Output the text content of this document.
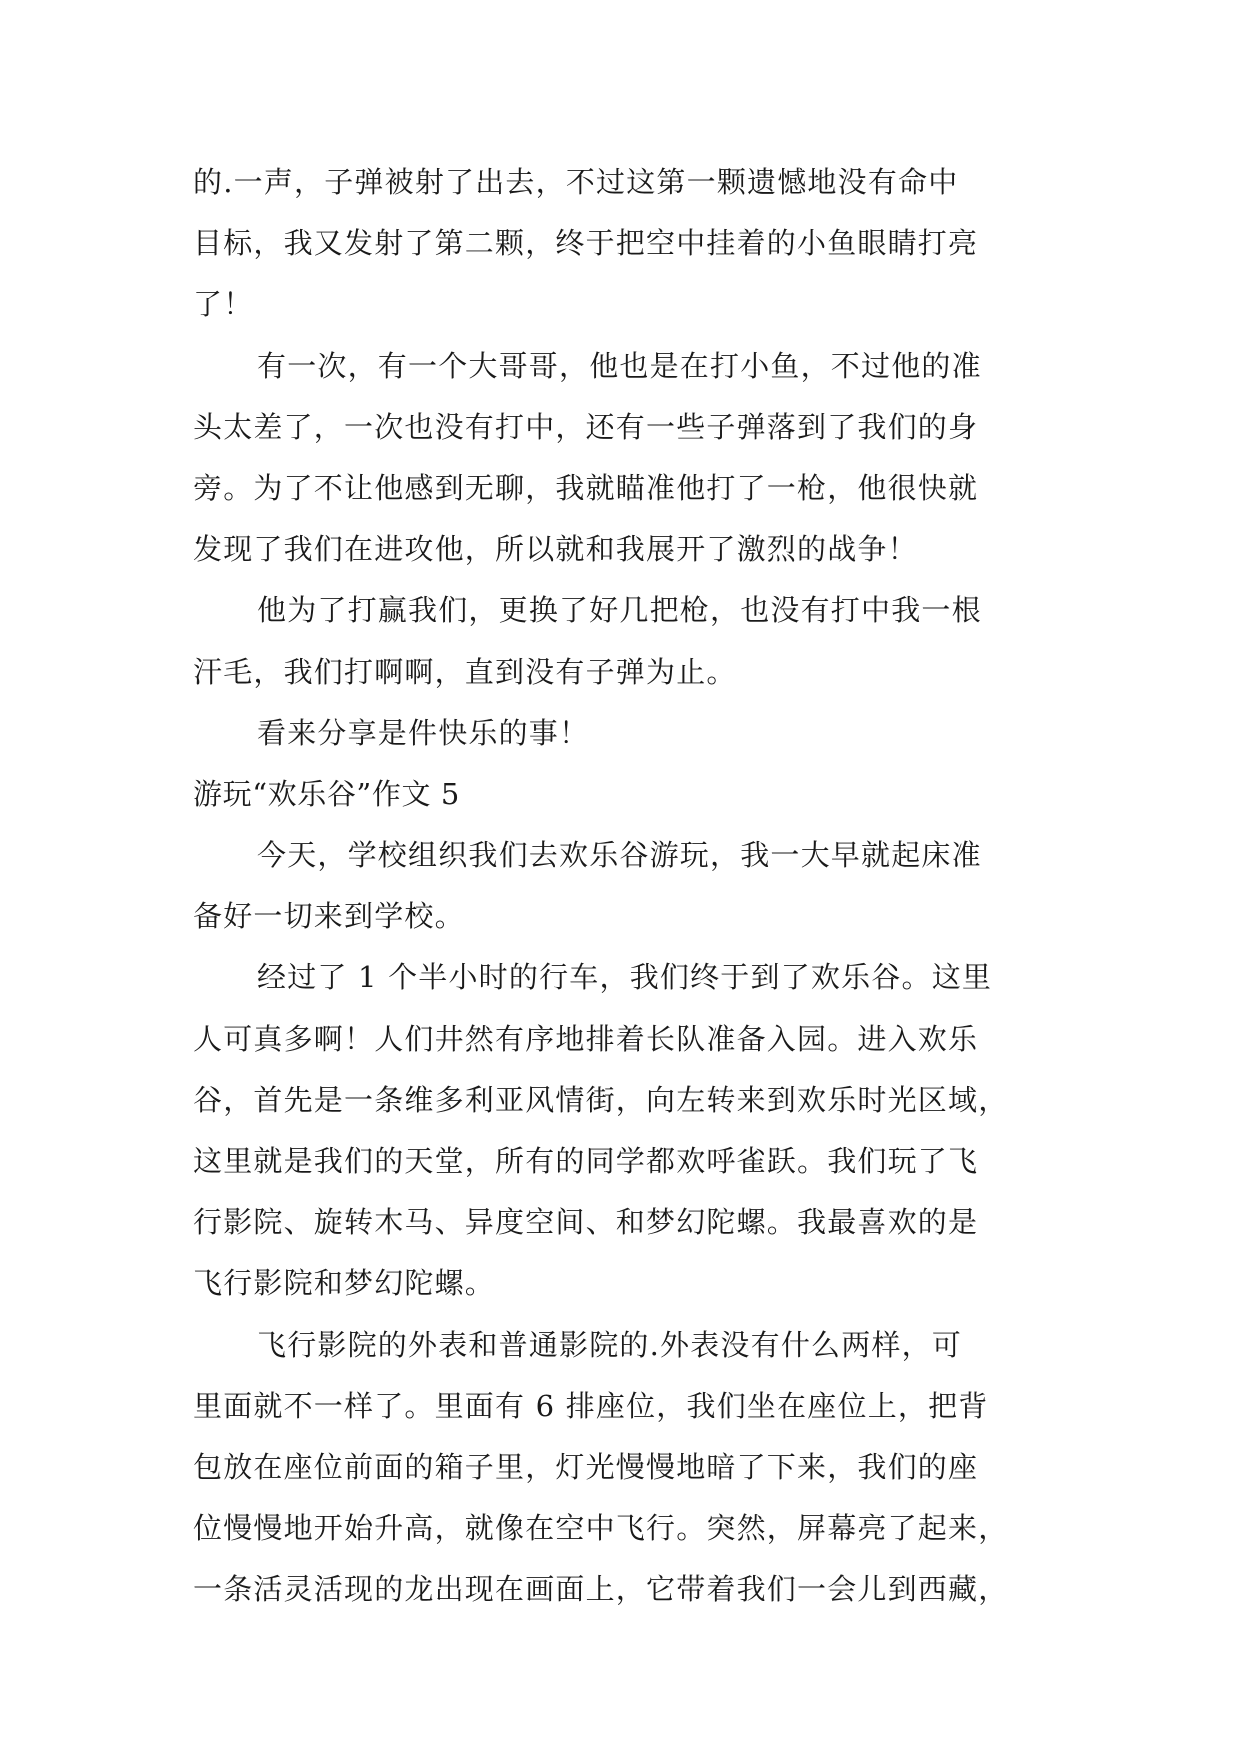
的.一声，子弹被射了出去，不过这第一颗遗憾地没有命中
目标，我又发射了第二颗，终于把空中挂着的小鱼眼睛打亮
了！
有一次，有一个大哥哥，他也是在打小鱼，不过他的准
头太差了，一次也没有打中，还有一些子弹落到了我们的身
旁。为了不让他感到无聊，我就瞄准他打了一枪，他很快就
发现了我们在进攻他，所以就和我展开了激烈的战争！
他为了打赢我们，更换了好几把枪，也没有打中我一根
汗毛，我们打啊啊，直到没有子弹为止。
看来分享是件快乐的事！
游玩“欢乐谷”作文 5
今天，学校组织我们去欢乐谷游玩，我一大早就起床准
备好一切来到学校。
经过了 1 个半小时的行车，我们终于到了欢乐谷。这里
人可真多啊！人们井然有序地排着长队准备入园。进入欢乐
谷，首先是一条维多利亚风情街，向左转来到欢乐时光区域，
这里就是我们的天堂，所有的同学都欢呼雀跃。我们玩了飞
行影院、旋转木马、异度空间、和梦幻陀螺。我最喜欢的是
飞行影院和梦幻陀螺。
飞行影院的外表和普通影院的.外表没有什么两样，可
里面就不一样了。里面有 6 排座位，我们坐在座位上，把背
包放在座位前面的箱子里，灯光慢慢地暗了下来，我们的座
位慢慢地开始升高，就像在空中飞行。突然，屏幕亮了起来，
一条活灵活现的龙出现在画面上，它带着我们一会儿到西藏，
